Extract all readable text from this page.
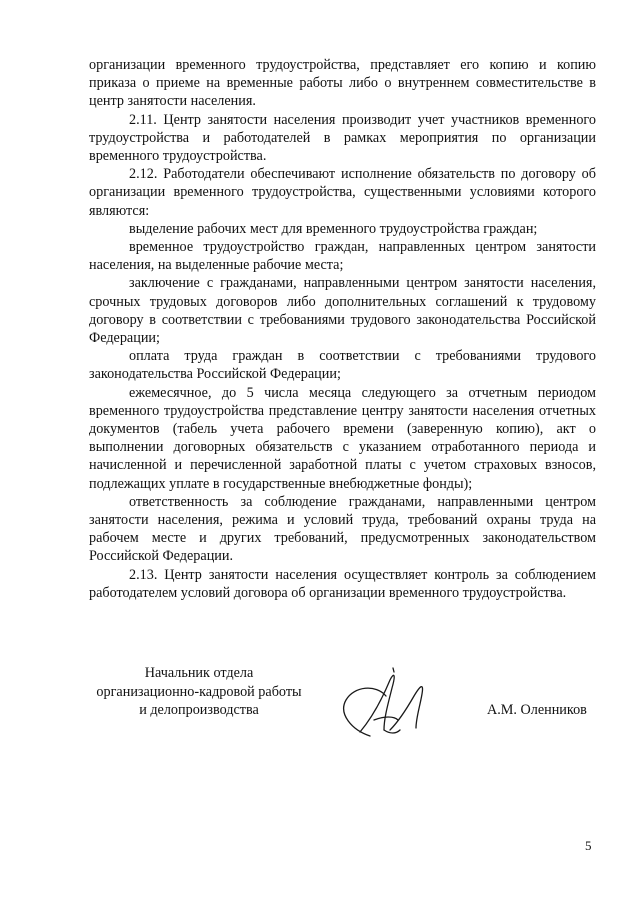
организации временного трудоустройства, представляет его копию и копию приказа о приеме на временные работы либо о внутреннем совместительстве в центр занятости населения.

2.11. Центр занятости населения производит учет участников временного трудоустройства и работодателей в рамках мероприятия по организации временного трудоустройства.

2.12. Работодатели обеспечивают исполнение обязательств по договору об организации временного трудоустройства, существенными условиями которого являются:

выделение рабочих мест для временного трудоустройства граждан;

временное трудоустройство граждан, направленных центром занятости населения, на выделенные рабочие места;

заключение с гражданами, направленными центром занятости населения, срочных трудовых договоров либо дополнительных соглашений к трудовому договору в соответствии с требованиями трудового законодательства Российской Федерации;

оплата труда граждан в соответствии с требованиями трудового законодательства Российской Федерации;

ежемесячное, до 5 числа месяца следующего за отчетным периодом временного трудоустройства представление центру занятости населения отчетных документов (табель учета рабочего времени (заверенную копию), акт о выполнении договорных обязательств с указанием отработанного периода и начисленной и перечисленной заработной платы с учетом страховых взносов, подлежащих уплате в государственные внебюджетные фонды);

ответственность за соблюдение гражданами, направленными центром занятости населения, режима и условий труда, требований охраны труда на рабочем месте и других требований, предусмотренных законодательством Российской Федерации.

2.13. Центр занятости населения осуществляет контроль за соблюдением работодателем условий договора об организации временного трудоустройства.

Начальник отдела
организационно-кадровой работы
и делопроизводства	А.М. Оленников
5
